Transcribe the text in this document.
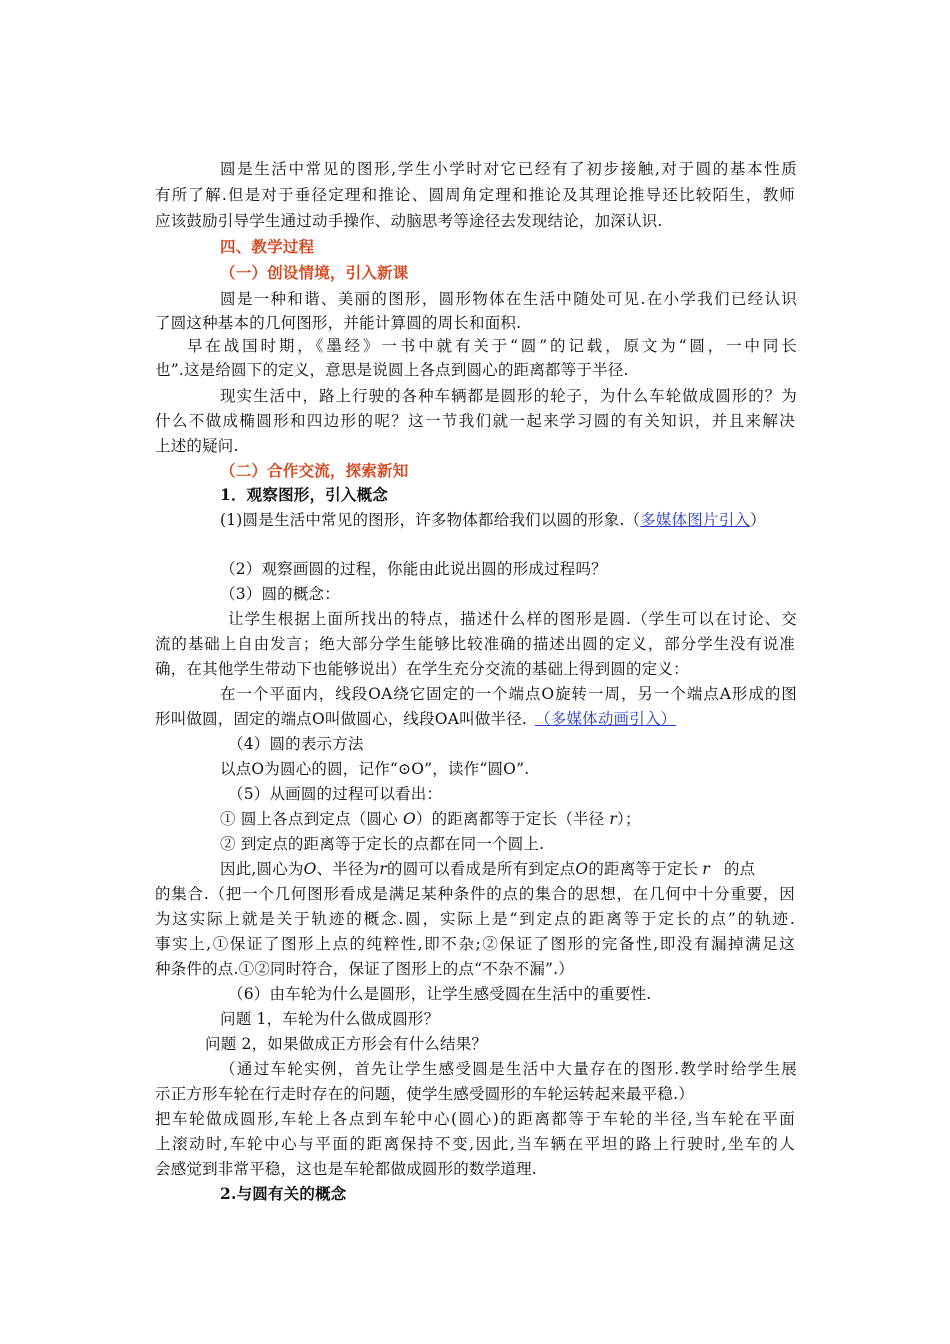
圆是生活中常见的图形,学生小学时对它已经有了初步接触,对于圆的基本性质
有所了解.但是对于垂径定理和推论、圆周角定理和推论及其理论推导还比较陌生，教师
应该鼓励引导学生通过动手操作、动脑思考等途径去发现结论，加深认识.
四、教学过程
（一）创设情境，引入新课
圆是一种和谐、美丽的图形，圆形物体在生活中随处可见.在小学我们已经认识
了圆这种基本的几何图形，并能计算圆的周长和面积.
早在战国时期，《墨经》一书中就有关于“圆”的记载，原文为“圆，一中同长
也”.这是给圆下的定义，意思是说圆上各点到圆心的距离都等于半径.
现实生活中，路上行驶的各种车辆都是圆形的轮子，为什么车轮做成圆形的？为
什么不做成椭圆形和四边形的呢？这一节我们就一起来学习圆的有关知识，并且来解决
上述的疑问.
（二）合作交流，探索新知
1．观察图形，引入概念
(1)圆是生活中常见的图形，许多物体都给我们以圆的形象.（多媒体图片引入）
（2）观察画圆的过程，你能由此说出圆的形成过程吗？
（3）圆的概念：
让学生根据上面所找出的特点，描述什么样的图形是圆.（学生可以在讨论、交
流的基础上自由发言；绝大部分学生能够比较准确的描述出圆的定义，部分学生没有说准
确，在其他学生带动下也能够说出）在学生充分交流的基础上得到圆的定义：
在一个平面内，线段OA绕它固定的一个端点O旋转一周，另一个端点A形成的图
形叫做圆，固定的端点O叫做圆心，线段OA叫做半径. （多媒体动画引入）
（4）圆的表示方法
以点O为圆心的圆，记作“⊙O”，读作“圆O”.
（5）从画圆的过程可以看出：
① 圆上各点到定点（圆心 O）的距离都等于定长（半径 r）；
② 到定点的距离等于定长的点都在同一个圆上.
因此,圆心为O、半径为r的圆可以看成是所有到定点O的距离等于定长 r 的点
的集合.（把一个几何图形看成是满足某种条件的点的集合的思想，在几何中十分重要，因
为这实际上就是关于轨迹的概念.圆，实际上是“到定点的距离等于定长的点”的轨迹.
事实上,①保证了图形上点的纯粹性,即不杂;②保证了图形的完备性,即没有漏掉满足这
种条件的点.①②同时符合，保证了图形上的点“不杂不漏”.）
（6）由车轮为什么是圆形，让学生感受圆在生活中的重要性.
问题 1，车轮为什么做成圆形？
问题 2，如果做成正方形会有什么结果？
（通过车轮实例，首先让学生感受圆是生活中大量存在的图形.教学时给学生展
示正方形车轮在行走时存在的问题，使学生感受圆形的车轮运转起来最平稳.）
把车轮做成圆形,车轮上各点到车轮中心(圆心)的距离都等于车轮的半径,当车轮在平面
上滚动时,车轮中心与平面的距离保持不变,因此,当车辆在平坦的路上行驶时,坐车的人
会感觉到非常平稳，这也是车轮都做成圆形的数学道理.
2.与圆有关的概念
